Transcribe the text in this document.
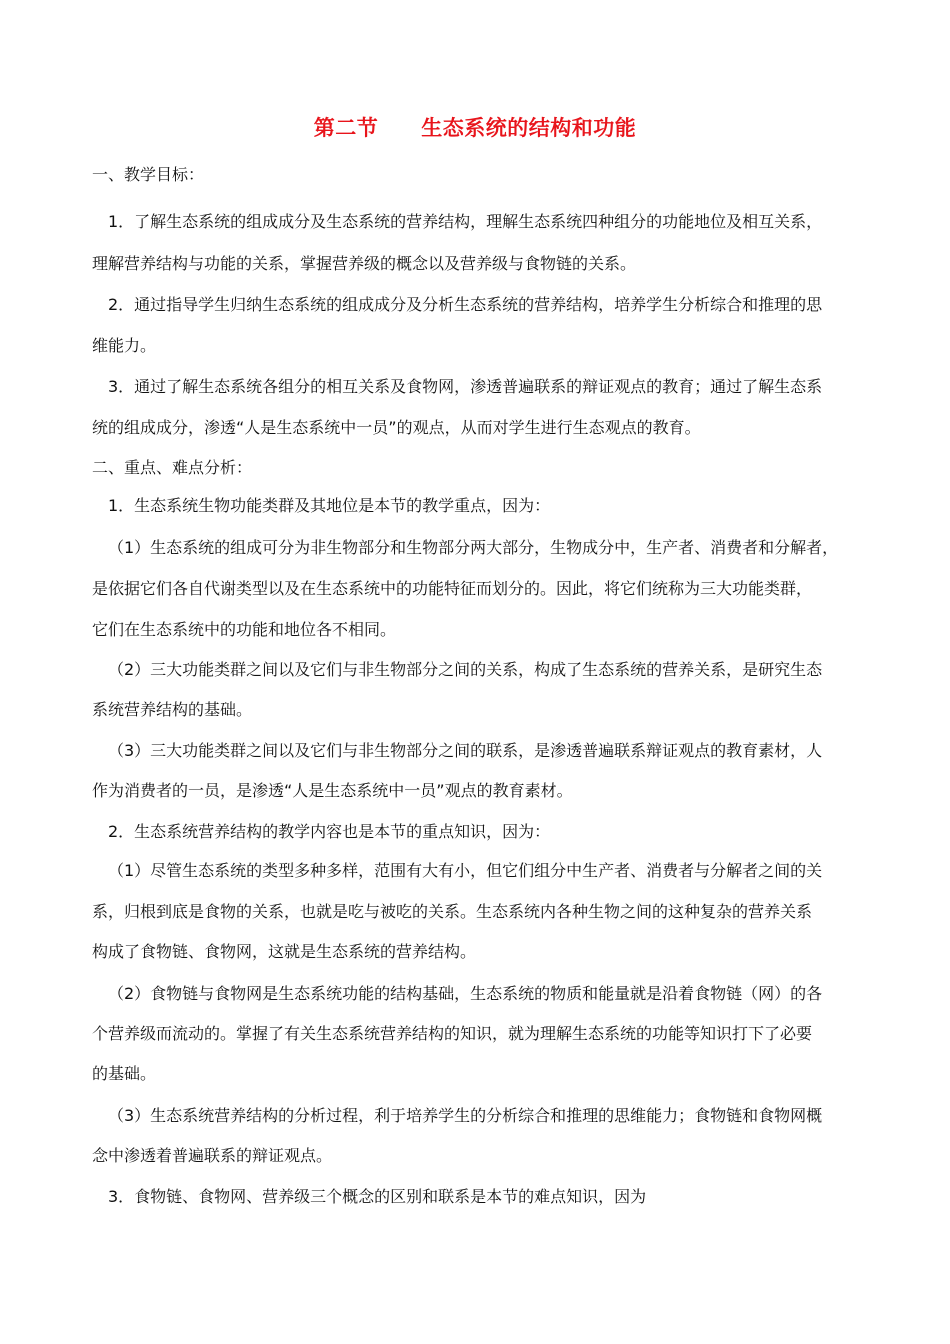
第二节　　生态系统的结构和功能
一、教学目标：
1．了解生态系统的组成成分及生态系统的营养结构，理解生态系统四种组分的功能地位及相互关系，
理解营养结构与功能的关系，掌握营养级的概念以及营养级与食物链的关系。
2．通过指导学生归纳生态系统的组成成分及分析生态系统的营养结构，培养学生分析综合和推理的思
维能力。
3．通过了解生态系统各组分的相互关系及食物网，渗透普遍联系的辩证观点的教育；通过了解生态系
统的组成成分，渗透“人是生态系统中一员”的观点，从而对学生进行生态观点的教育。
二、重点、难点分析：
1．生态系统生物功能类群及其地位是本节的教学重点，因为：
（1）生态系统的组成可分为非生物部分和生物部分两大部分，生物成分中，生产者、消费者和分解者，
是依据它们各自代谢类型以及在生态系统中的功能特征而划分的。因此，将它们统称为三大功能类群，
它们在生态系统中的功能和地位各不相同。
（2）三大功能类群之间以及它们与非生物部分之间的关系，构成了生态系统的营养关系，是研究生态
系统营养结构的基础。
（3）三大功能类群之间以及它们与非生物部分之间的联系，是渗透普遍联系辩证观点的教育素材，人
作为消费者的一员，是渗透“人是生态系统中一员”观点的教育素材。
2．生态系统营养结构的教学内容也是本节的重点知识，因为：
（1）尽管生态系统的类型多种多样，范围有大有小，但它们组分中生产者、消费者与分解者之间的关
系，归根到底是食物的关系，也就是吃与被吃的关系。生态系统内各种生物之间的这种复杂的营养关系
构成了食物链、食物网，这就是生态系统的营养结构。
（2）食物链与食物网是生态系统功能的结构基础，生态系统的物质和能量就是沿着食物链（网）的各
个营养级而流动的。掌握了有关生态系统营养结构的知识，就为理解生态系统的功能等知识打下了必要
的基础。
（3）生态系统营养结构的分析过程，利于培养学生的分析综合和推理的思维能力；食物链和食物网概
念中渗透着普遍联系的辩证观点。
3．食物链、食物网、营养级三个概念的区别和联系是本节的难点知识，因为
